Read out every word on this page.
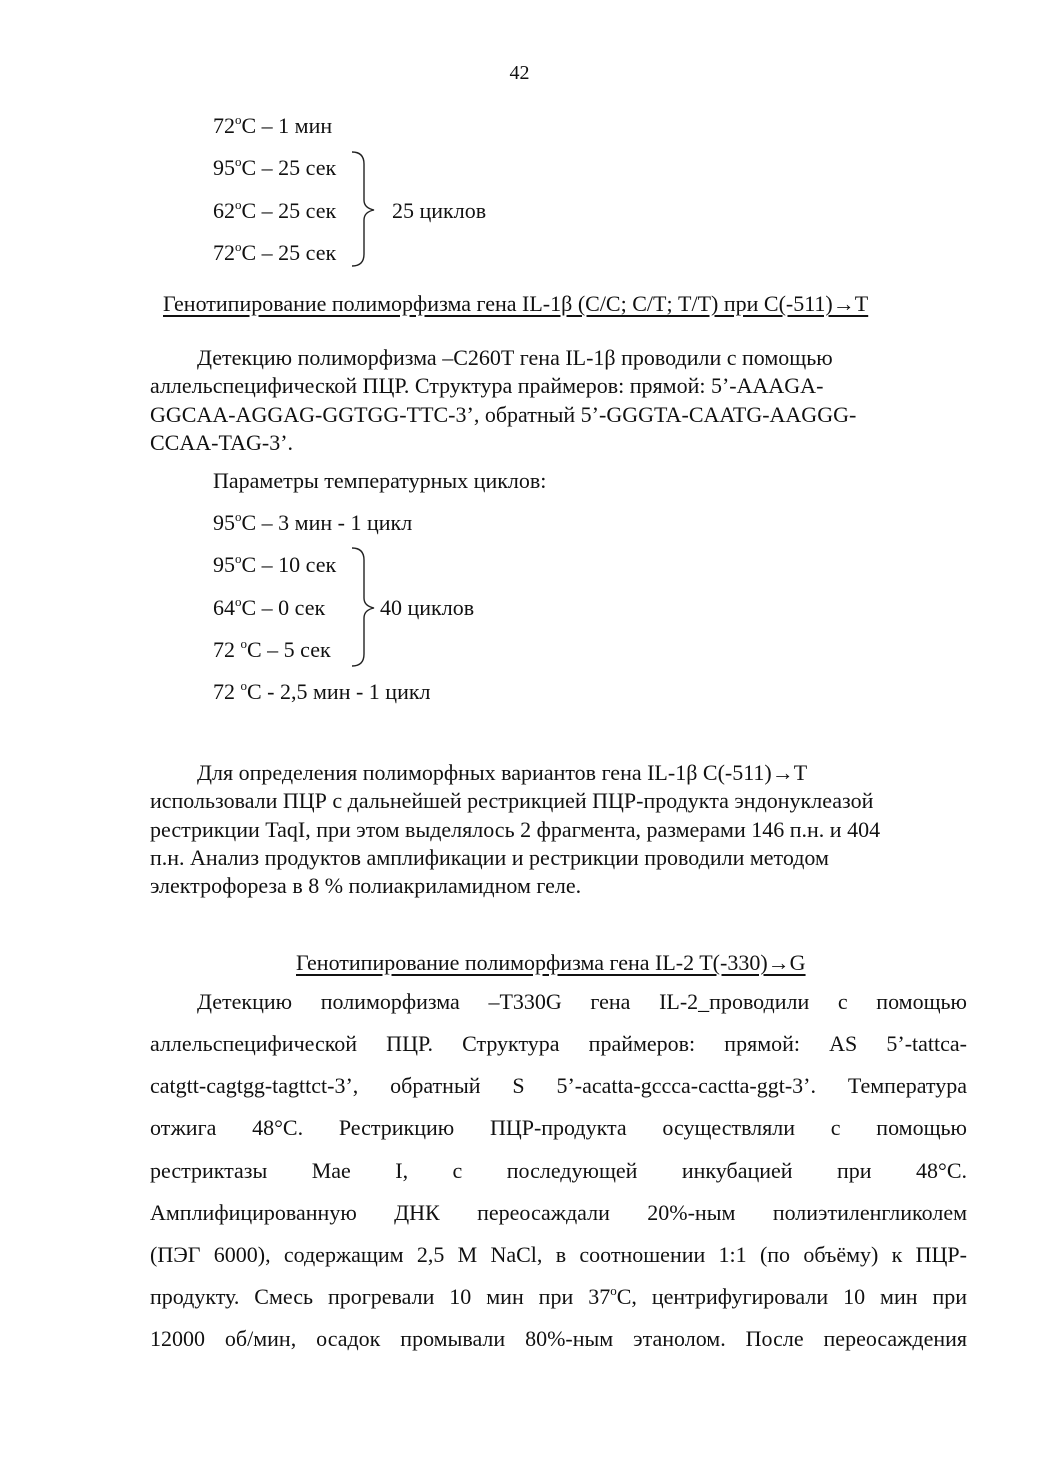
42
72$^o$C – 1 мин
95$^o$C – 25 сек
62$^o$C – 25 сек
72$^o$C – 25 сек
25 циклов
Генотипирование полиморфизма гена IL-1β (С/С; С/Т; Т/Т) при С(-511)→Т
Детекцию полиморфизма –С260Т гена IL-1β проводили с помощью
аллельспецифической ПЦР. Структура праймеров: прямой: 5’-AAAGA-
GGCAA-AGGAG-GGTGG-TTC-3’, обратный 5’-GGGTA-CAATG-AAGGG-
CCAA-TAG-3’.
Параметры температурных циклов:
95$^o$C – 3 мин - 1 цикл
95$^o$C – 10 сек
64$^o$C – 0 сек
72 $^o$C – 5 сек
40 циклов
72 $^o$C - 2,5 мин - 1 цикл
Для определения полиморфных вариантов гена IL-1β С(-511)→Т
использовали ПЦР с дальнейшей рестрикцией ПЦР-продукта эндонуклеазой
рестрикции TaqI, при этом выделялось 2 фрагмента, размерами 146 п.н. и 404
п.н. Анализ продуктов амплификации и рестрикции проводили методом
электрофореза в 8 % полиакриламидном геле.
Генотипирование полиморфизма гена IL-2 T(-330)→G
Детекцию полиморфизма –Т330G гена IL-2_проводили с помощью
аллельспецифической ПЦР. Структура праймеров: прямой: AS 5’-tattca-
catgtt-cagtgg-tagttct-3’, обратный S 5’-acatta-gccca-cactta-ggt-3’. Температура
отжига 48°С. Рестрикцию ПЦР-продукта осуществляли с помощью
рестриктазы Mae I, с последующей инкубацией при 48°С.
Амплифицированную ДНК переосаждали 20%-ным полиэтиленгликолем
(ПЭГ 6000), содержащим 2,5 М NaCl, в соотношении 1:1 (по объёму) к ПЦР-
продукту. Смесь прогревали 10 мин при 37$^o$С, центрифугировали 10 мин при
12000 об/мин, осадок промывали 80%-ным этанолом. После переосаждения
